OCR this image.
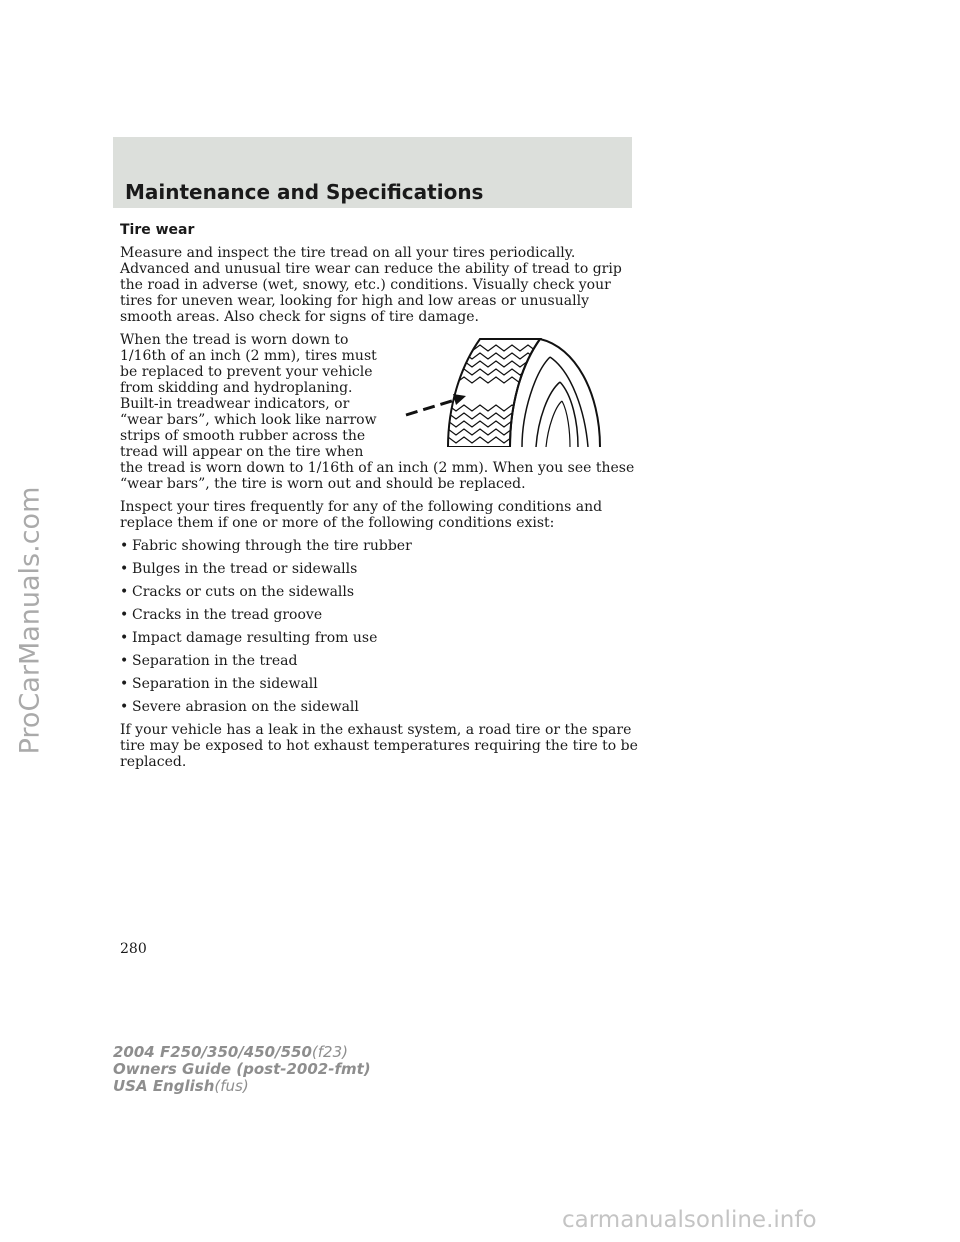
ProCarManuals.com
Maintenance and Specifications
Tire wear

Measure and inspect the tire tread on all your tires periodically. Advanced and unusual tire wear can reduce the ability of tread to grip the road in adverse (wet, snowy, etc.) conditions. Visually check your tires for uneven wear, looking for high and low areas or unusually smooth areas. Also check for signs of tire damage.

When the tread is worn down to 1/16th of an inch (2 mm), tires must be replaced to prevent your vehicle from skidding and hydroplaning. Built-in treadwear indicators, or “wear bars”, which look like narrow strips of smooth rubber across the tread will appear on the tire when
the tread is worn down to 1/16th of an inch (2 mm). When you see these “wear bars”, the tire is worn out and should be replaced.

Inspect your tires frequently for any of the following conditions and replace them if one or more of the following conditions exist:

• Fabric showing through the tire rubber
• Bulges in the tread or sidewalls
• Cracks or cuts on the sidewalls
• Cracks in the tread groove
• Impact damage resulting from use
• Separation in the tread
• Separation in the sidewall
• Severe abrasion on the sidewall

If your vehicle has a leak in the exhaust system, a road tire or the spare tire may be exposed to hot exhaust temperatures requiring the tire to be replaced.

280

2004 F250/350/450/550(f23)
Owners Guide (post-2002-fmt)
USA English(fus)
carmanualsonline.info
